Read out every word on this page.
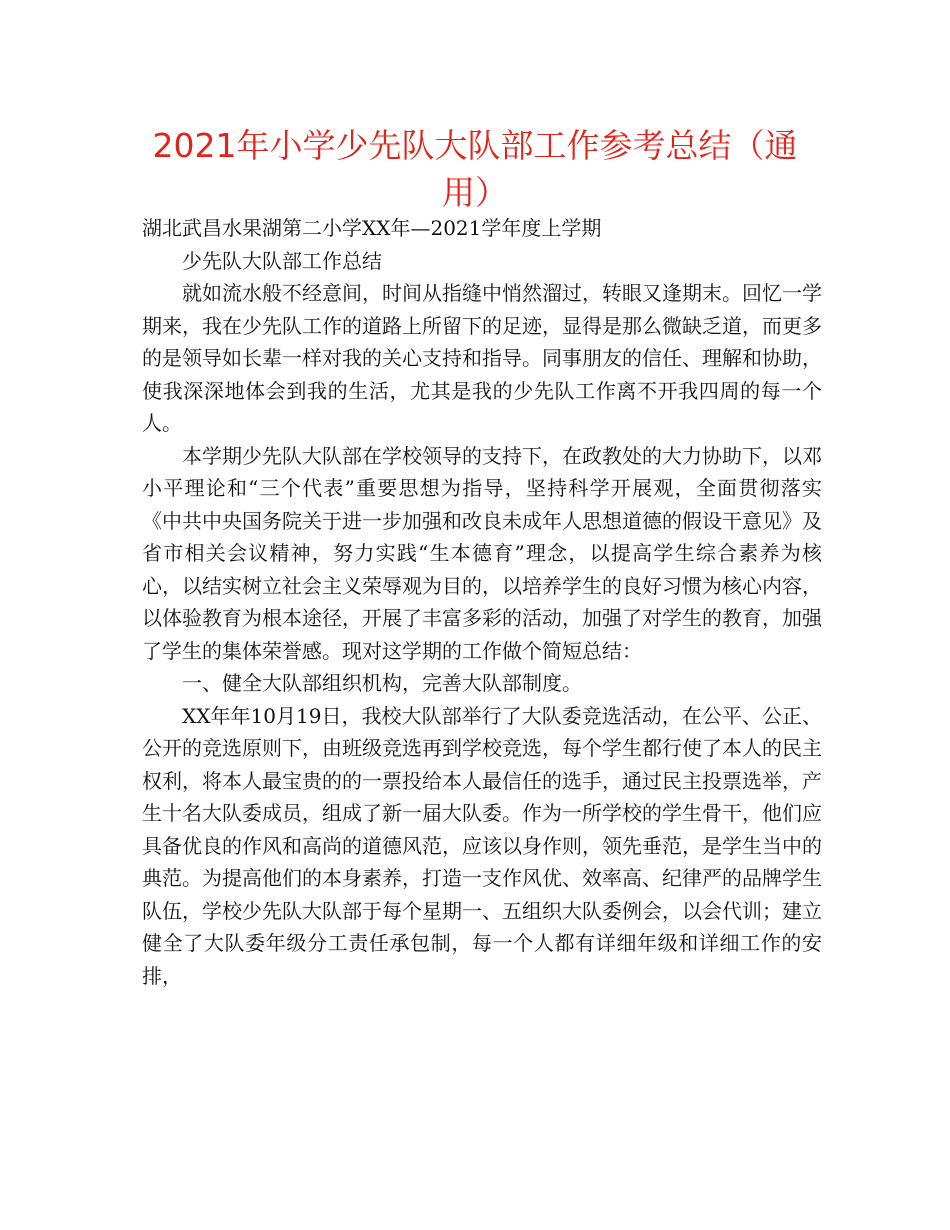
2021年小学少先队大队部工作参考总结（通用）

湖北武昌水果湖第二小学XX年—2021学年度上学期

少先队大队部工作总结

就如流水般不经意间，时间从指缝中悄然溜过，转眼又逢期末。回忆一学期来，我在少先队工作的道路上所留下的足迹，显得是那么微缺乏道，而更多的是领导如长辈一样对我的关心支持和指导。同事朋友的信任、理解和协助，使我深深地体会到我的生活，尤其是我的少先队工作离不开我四周的每一个人。

本学期少先队大队部在学校领导的支持下，在政教处的大力协助下，以邓小平理论和“三个代表”重要思想为指导，坚持科学开展观，全面贯彻落实《中共中央国务院关于进一步加强和改良未成年人思想道德的假设干意见》及省市相关会议精神，努力实践“生本德育”理念，以提高学生综合素养为核心，以结实树立社会主义荣辱观为目的，以培养学生的良好习惯为核心内容，以体验教育为根本途径，开展了丰富多彩的活动，加强了对学生的教育，加强了学生的集体荣誉感。现对这学期的工作做个简短总结：

一、健全大队部组织机构，完善大队部制度。

XX年年10月19日，我校大队部举行了大队委竞选活动，在公平、公正、公开的竞选原则下，由班级竞选再到学校竞选，每个学生都行使了本人的民主权利，将本人最宝贵的的一票投给本人最信任的选手，通过民主投票选举，产生十名大队委成员，组成了新一届大队委。作为一所学校的学生骨干，他们应具备优良的作风和高尚的道德风范，应该以身作则，领先垂范，是学生当中的典范。为提高他们的本身素养，打造一支作风优、效率高、纪律严的品牌学生队伍，学校少先队大队部于每个星期一、五组织大队委例会，以会代训；建立健全了大队委年级分工责任承包制，每一个人都有详细年级和详细工作的安排，
